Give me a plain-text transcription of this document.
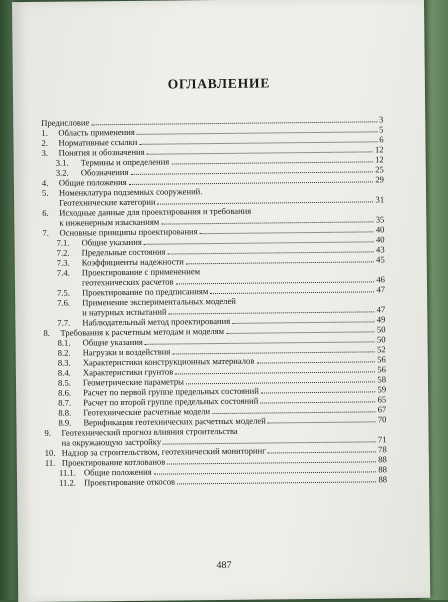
ОГЛАВЛЕНИЕ
Предисловие	3
1.	Область применения	5
2.	Нормативные ссылки	6
3.	Понятия и обозначения	12
3.1.	Термины и определения	12
3.2.	Обозначения	25
4.	Общие положения	29
5.	Номенклатура подземных сооружений.
Геотехнические категории	31
6.	Исходные данные для проектирования и требования
к инженерным изысканиям	35
7.	Основные принципы проектирования	40
7.1.	Общие указания	40
7.2.	Предельные состояния	43
7.3.	Коэффициенты надежности	45
7.4.	Проектирование с применением
геотехнических расчетов	46
7.5.	Проектирование по предписаниям	47
7.6.	Применение экспериментальных моделей
и натурных испытаний	47
7.7.	Наблюдательный метод проектирования	49
8.	Требования к расчетным методам и моделям	50
8.1.	Общие указания	50
8.2.	Нагрузки и воздействия	52
8.3.	Характеристики конструкционных материалов	56
8.4.	Характеристики грунтов	56
8.5.	Геометрические параметры	58
8.6.	Расчет по первой группе предельных состояний	59
8.7.	Расчет по второй группе предельных состояний	65
8.8.	Геотехнические расчетные модели	67
8.9.	Верификация геотехнических расчетных моделей	70
9.	Геотехнический прогноз влияния строительства
на окружающую застройку	71
10. Надзор за строительством, геотехнический мониторинг	78
11. Проектирование котлованов	88
11.1. Общие положения	88
11.2. Проектирование откосов	88
487
